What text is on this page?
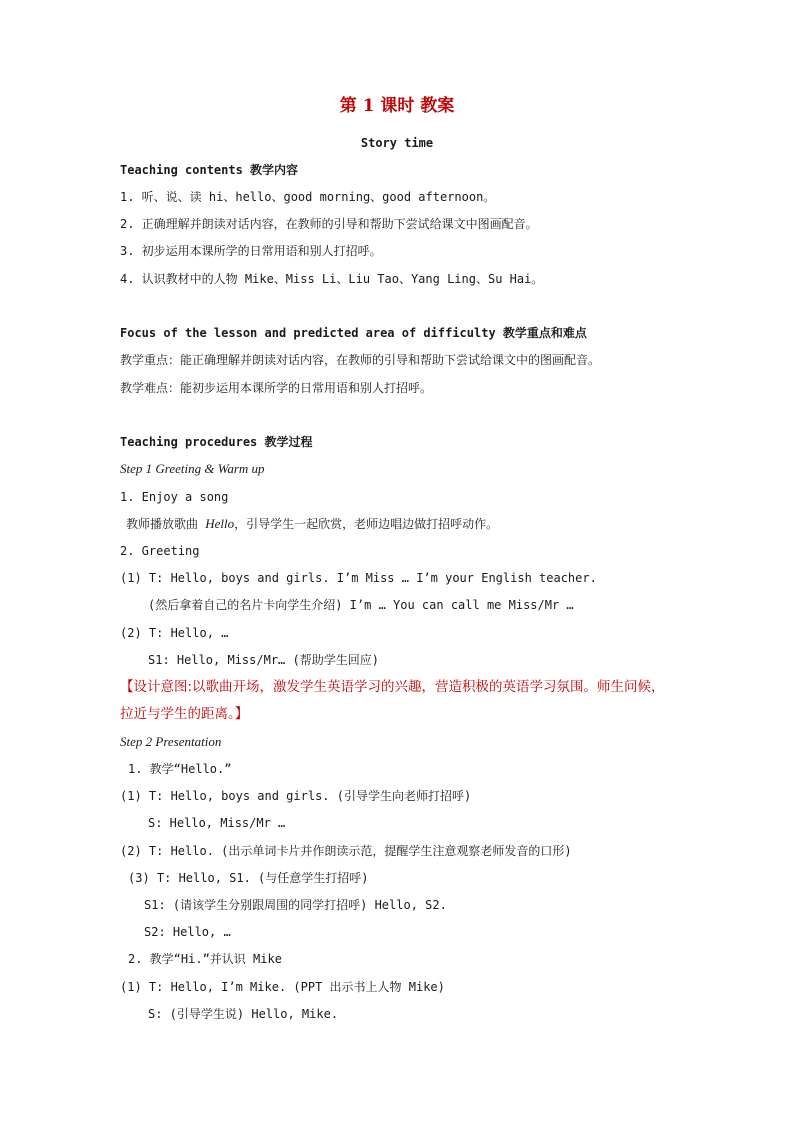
第 1 课时 教案
Story time
Teaching contents 教学内容
1. 听、说、读 hi、hello、good morning、good afternoon。
2. 正确理解并朗读对话内容，在教师的引导和帮助下尝试给课文中图画配音。
3. 初步运用本课所学的日常用语和别人打招呼。
4. 认识教材中的人物 Mike、Miss Li、Liu Tao、Yang Ling、Su Hai。
Focus of the lesson and predicted area of difficulty 教学重点和难点
教学重点：能正确理解并朗读对话内容，在教师的引导和帮助下尝试给课文中的图画配音。
教学难点：能初步运用本课所学的日常用语和别人打招呼。
Teaching procedures 教学过程
Step 1 Greeting & Warm up
1. Enjoy a song
教师播放歌曲 Hello，引导学生一起欣赏，老师边唱边做打招呼动作。
2. Greeting
(1) T: Hello, boys and girls. I’m Miss … I’m your English teacher.
(然后拿着自己的名片卡向学生介绍) I’m … You can call me Miss/Mr …
(2) T: Hello, …
S1: Hello, Miss/Mr… (帮助学生回应)
【设计意图:以歌曲开场，激发学生英语学习的兴趣，营造积极的英语学习氛围。师生问候，
拉近与学生的距离。】
Step 2 Presentation
1. 教学“Hello.”
(1) T: Hello, boys and girls. (引导学生向老师打招呼)
S: Hello, Miss/Mr …
(2) T: Hello. (出示单词卡片并作朗读示范，提醒学生注意观察老师发音的口形)
(3) T: Hello, S1. (与任意学生打招呼)
S1: (请该学生分别跟周围的同学打招呼) Hello, S2.
S2: Hello, …
2. 教学“Hi.”并认识 Mike
(1) T: Hello, I’m Mike. (PPT 出示书上人物 Mike)
S: (引导学生说) Hello, Mike.
